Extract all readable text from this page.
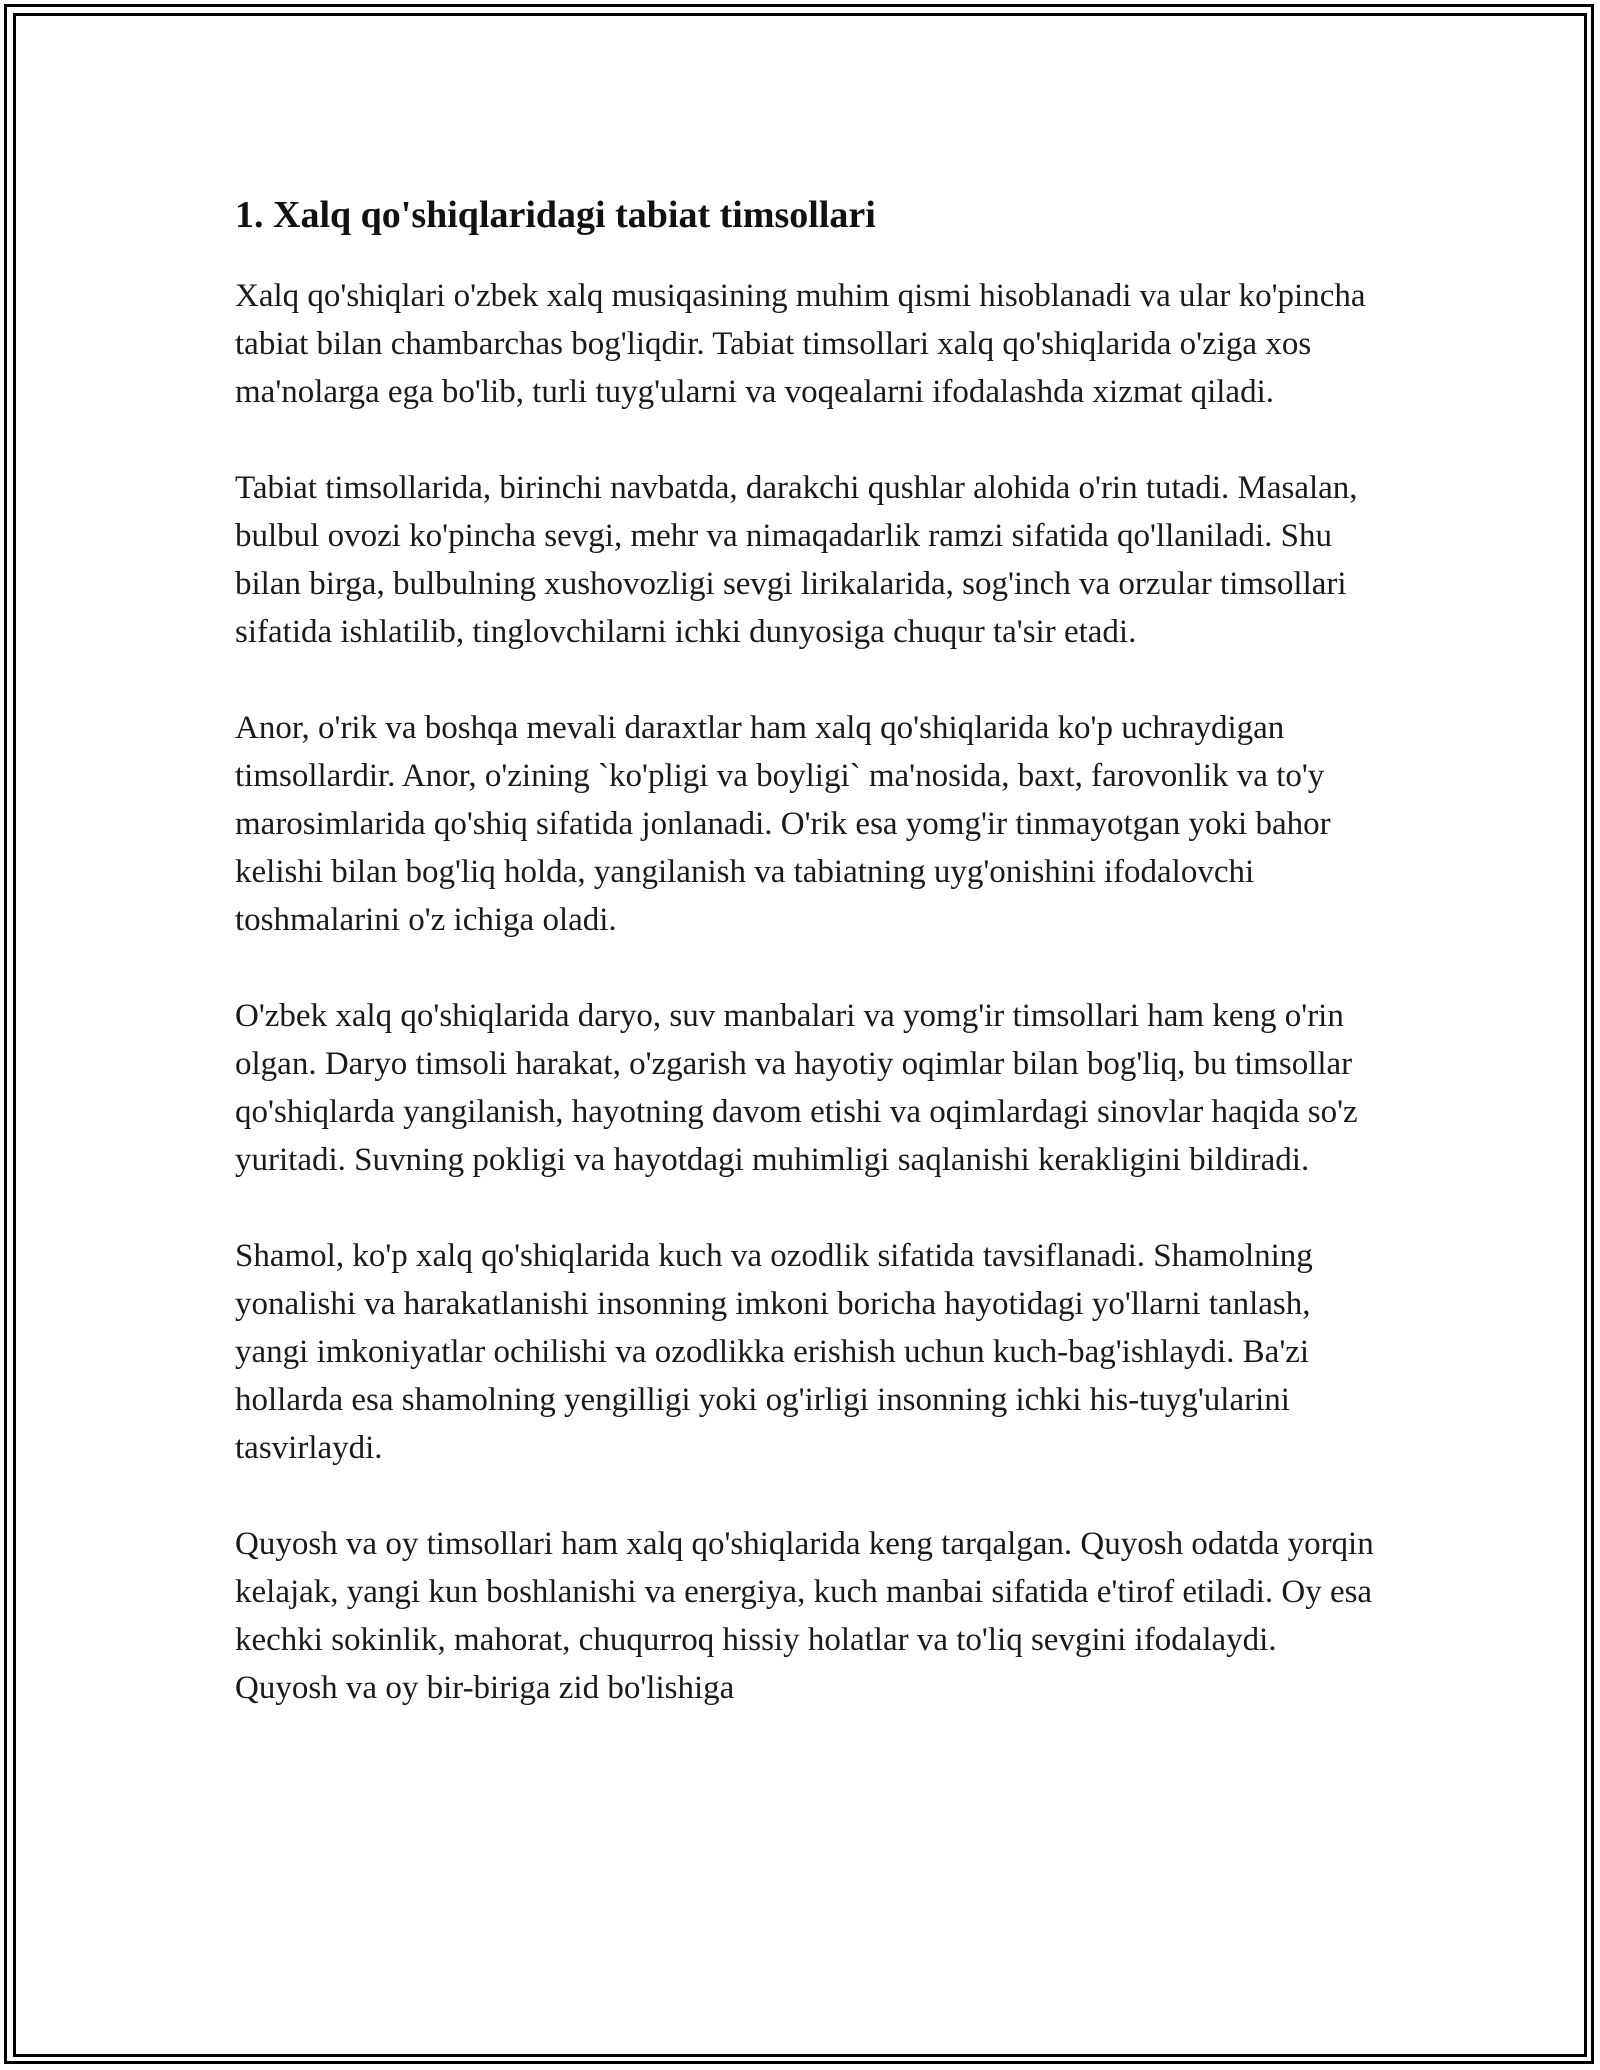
1. Xalq qo'shiqlaridagi tabiat timsollari

Xalq qo'shiqlari o'zbek xalq musiqasining muhim qismi hisoblanadi va ular ko'pincha tabiat bilan chambarchas bog'liqdir. Tabiat timsollari xalq qo'shiqlarida o'ziga xos ma'nolarga ega bo'lib, turli tuyg'ularni va voqealarni ifodalashda xizmat qiladi.

Tabiat timsollarida, birinchi navbatda, darakchi qushlar alohida o'rin tutadi. Masalan, bulbul ovozi ko'pincha sevgi, mehr va nimaqadarlik ramzi sifatida qo'llaniladi. Shu bilan birga, bulbulning xushovozligi sevgi lirikalarida, sog'inch va orzular timsollari sifatida ishlatilib, tinglovchilarni ichki dunyosiga chuqur ta'sir etadi.

Anor, o'rik va boshqa mevali daraxtlar ham xalq qo'shiqlarida ko'p uchraydigan timsollardir. Anor, o'zining `ko'pligi va boyligi` ma'nosida, baxt, farovonlik va to'y marosimlarida qo'shiq sifatida jonlanadi. O'rik esa yomg'ir tinmayotgan yoki bahor kelishi bilan bog'liq holda, yangilanish va tabiatning uyg'onishini ifodalovchi toshmalarini o'z ichiga oladi.

O'zbek xalq qo'shiqlarida daryo, suv manbalari va yomg'ir timsollari ham keng o'rin olgan. Daryo timsoli harakat, o'zgarish va hayotiy oqimlar bilan bog'liq, bu timsollar qo'shiqlarda yangilanish, hayotning davom etishi va oqimlardagi sinovlar haqida so'z yuritadi. Suvning pokligi va hayotdagi muhimligi saqlanishi kerakligini bildiradi.

Shamol, ko'p xalq qo'shiqlarida kuch va ozodlik sifatida tavsiflanadi. Shamolning yonalishi va harakatlanishi insonning imkoni boricha hayotidagi yo'llarni tanlash, yangi imkoniyatlar ochilishi va ozodlikka erishish uchun kuch-bag'ishlaydi. Ba'zi hollarda esa shamolning yengilligi yoki og'irligi insonning ichki his-tuyg'ularini tasvirlaydi.

Quyosh va oy timsollari ham xalq qo'shiqlarida keng tarqalgan. Quyosh odatda yorqin kelajak, yangi kun boshlanishi va energiya, kuch manbai sifatida e'tirof etiladi. Oy esa kechki sokinlik, mahorat, chuqurroq hissiy holatlar va to'liq sevgini ifodalaydi. Quyosh va oy bir-biriga zid bo'lishiga
